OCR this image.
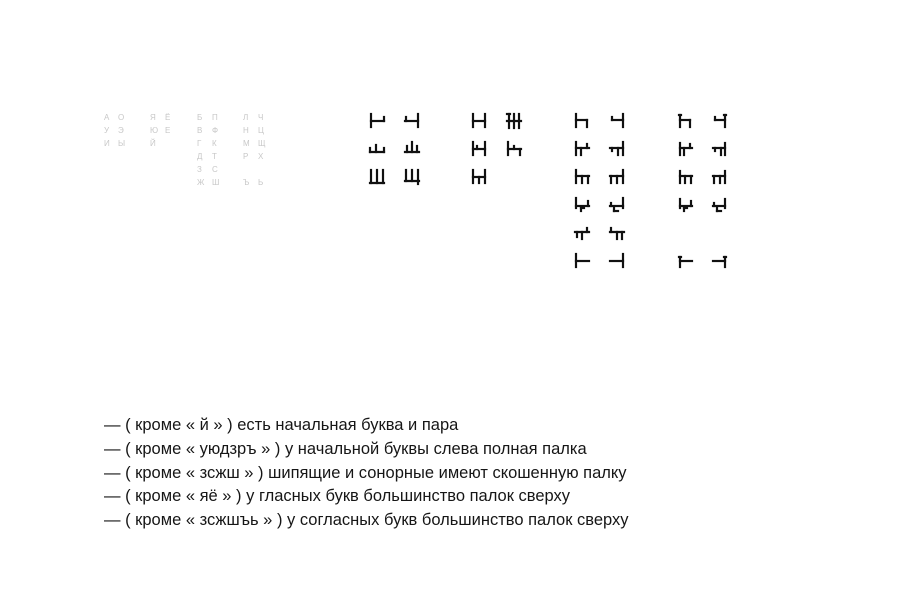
А
У
И
О
Э
Ы
Я
Ю
Й
Ё
Е
Б
В
Г
Д
З
Ж
П
Ф
К
Т
С
Ш
Л
Н
М
Р
Ъ
Ч
Ц
Щ
Х
Ь
— ( кроме « й » ) есть начальная буква и пара
— ( кроме « уюдзръ » ) у начальной буквы слева полная палка
— ( кроме « зсжш » ) шипящие и сонорные имеют скошенную палку
— ( кроме « яё » ) у гласных букв большинство палок сверху
— ( кроме « зсжшъь » ) у согласных букв большинство палок сверху
